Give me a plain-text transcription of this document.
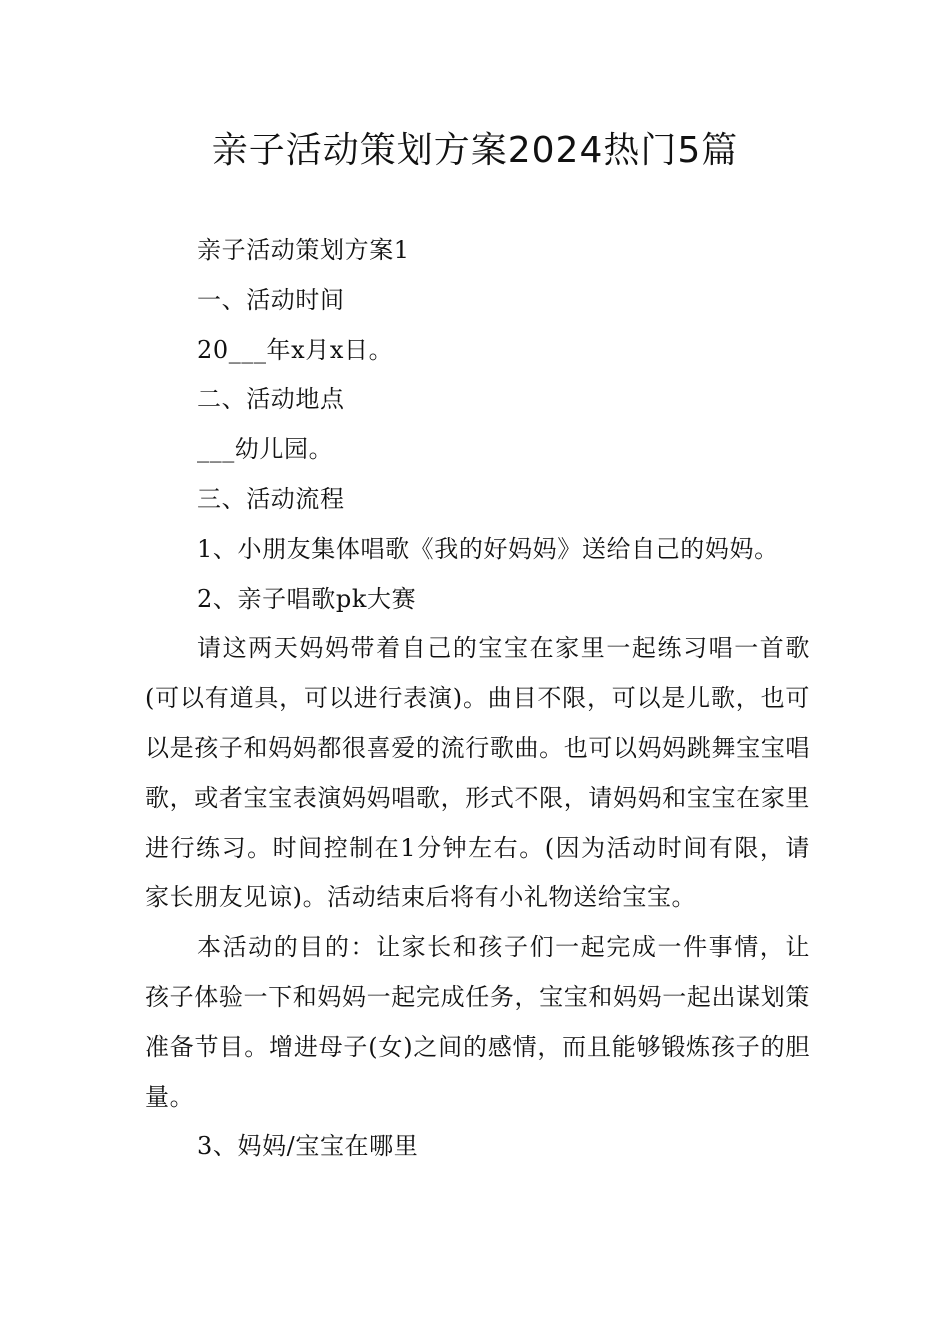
亲子活动策划方案2024热门5篇

亲子活动策划方案1

一、活动时间

20___年x月x日。

二、活动地点

___幼儿园。

三、活动流程

1、小朋友集体唱歌《我的好妈妈》送给自己的妈妈。

2、亲子唱歌pk大赛

请这两天妈妈带着自己的宝宝在家里一起练习唱一首歌(可以有道具，可以进行表演)。曲目不限，可以是儿歌，也可以是孩子和妈妈都很喜爱的流行歌曲。也可以妈妈跳舞宝宝唱歌，或者宝宝表演妈妈唱歌，形式不限，请妈妈和宝宝在家里进行练习。时间控制在1分钟左右。(因为活动时间有限，请家长朋友见谅)。活动结束后将有小礼物送给宝宝。

本活动的目的：让家长和孩子们一起完成一件事情，让孩子体验一下和妈妈一起完成任务，宝宝和妈妈一起出谋划策准备节目。增进母子(女)之间的感情，而且能够锻炼孩子的胆量。

3、妈妈/宝宝在哪里
